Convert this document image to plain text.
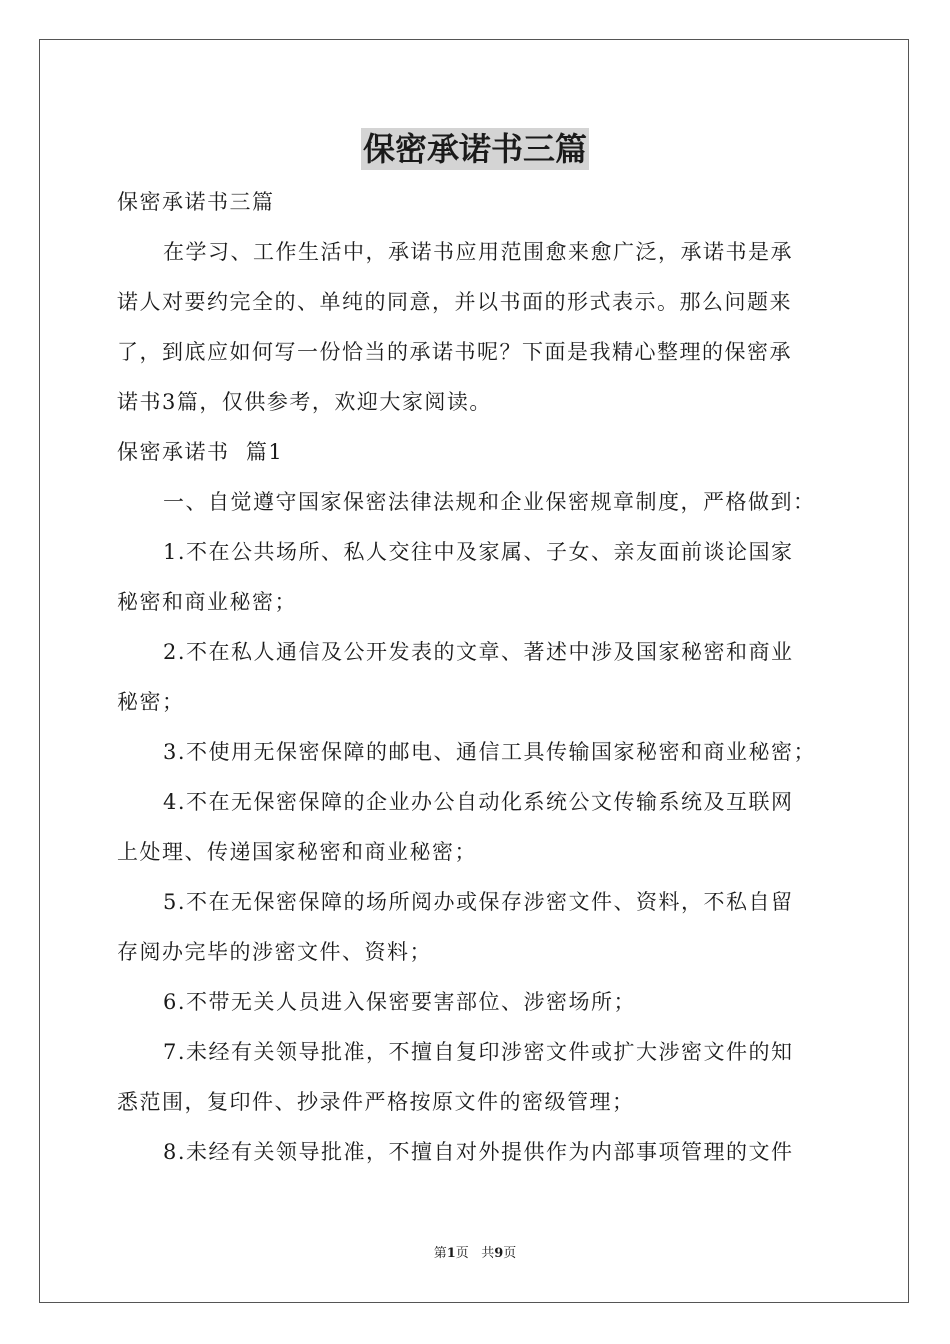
保密承诺书三篇
保密承诺书三篇
在学习、工作生活中，承诺书应用范围愈来愈广泛，承诺书是承
诺人对要约完全的、单纯的同意，并以书面的形式表示。那么问题来
了，到底应如何写一份恰当的承诺书呢？下面是我精心整理的保密承
诺书3篇，仅供参考，欢迎大家阅读。
保密承诺书  篇1
一、自觉遵守国家保密法律法规和企业保密规章制度，严格做到：
1.不在公共场所、私人交往中及家属、子女、亲友面前谈论国家
秘密和商业秘密；
2.不在私人通信及公开发表的文章、著述中涉及国家秘密和商业
秘密；
3.不使用无保密保障的邮电、通信工具传输国家秘密和商业秘密；
4.不在无保密保障的企业办公自动化系统公文传输系统及互联网
上处理、传递国家秘密和商业秘密；
5.不在无保密保障的场所阅办或保存涉密文件、资料，不私自留
存阅办完毕的涉密文件、资料；
6.不带无关人员进入保密要害部位、涉密场所；
7.未经有关领导批准，不擅自复印涉密文件或扩大涉密文件的知
悉范围，复印件、抄录件严格按原文件的密级管理；
8.未经有关领导批准，不擅自对外提供作为内部事项管理的文件
第1页 共9页
